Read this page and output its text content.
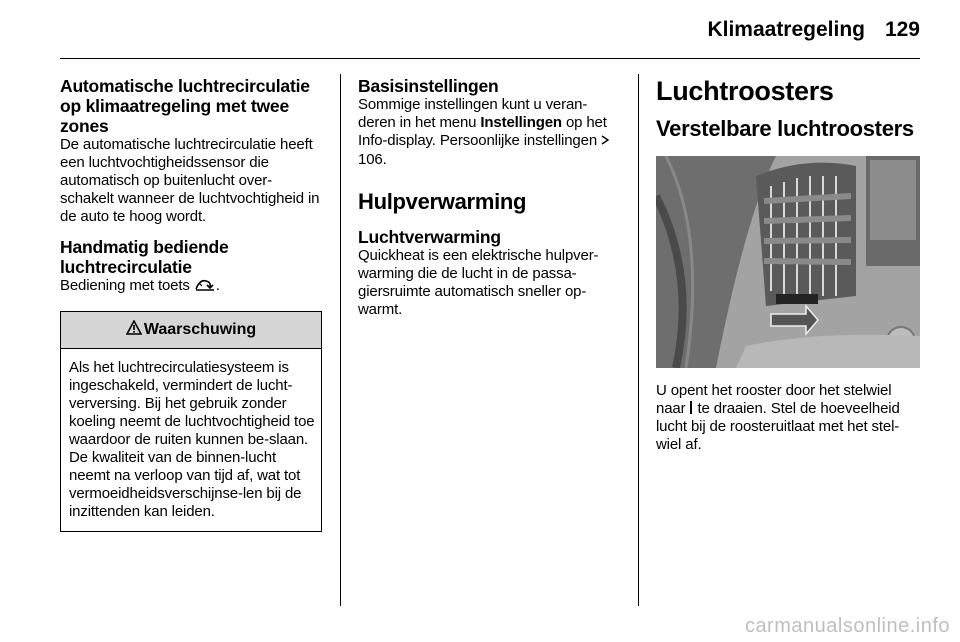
Klimaatregeling 129
Automatische luchtrecirculatie op klimaatregeling met twee zones

De automatische luchtrecirculatie heeft een luchtvochtigheidssensor die automatisch op buitenlucht over-schakelt wanneer de luchtvochtigheid in de auto te hoog wordt.

Handmatig bediende luchtrecirculatie

Bediening met toets .

Waarschuwing
Als het luchtrecirculatiesysteem is ingeschakeld, vermindert de lucht-verversing. Bij het gebruik zonder koeling neemt de luchtvochtigheid toe waardoor de ruiten kunnen be-slaan. De kwaliteit van de binnen-lucht neemt na verloop van tijd af, wat tot vermoeidheidsverschijnse-len bij de inzittenden kan leiden.
Basisinstellingen

Sommige instellingen kunt u veran-deren in het menu Instellingen op het Info-display. Persoonlijke instellingen 106.

Hulpverwarming
Luchtverwarming

Quickheat is een elektrische hulpver-warming die de lucht in de passa-giersruimte automatisch sneller op-warmt.

Luchtroosters
Verstelbare luchtroosters

U opent het rooster door het stelwiel naar  te draaien. Stel de hoeveelheid lucht bij de roosteruitlaat met het stel-wiel af.

carmanualsonline.info
